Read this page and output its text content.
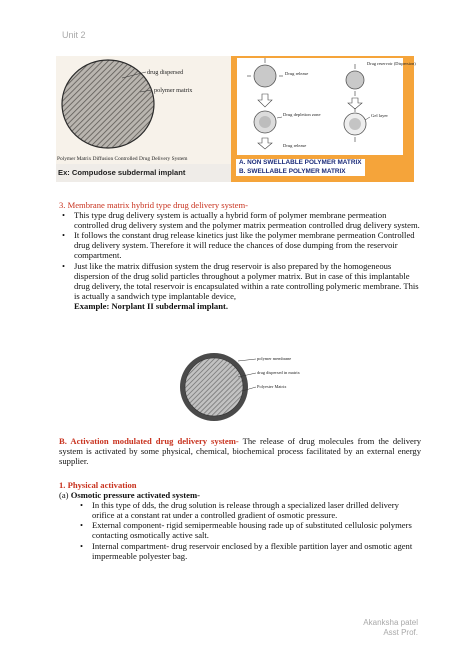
Unit 2
drug dispersed
polymer matrix
Polymer Matrix Diffusion Controlled Drug Delivery System
Ex: Compudose subdermal implant
Drug release
Drug depletion zone
Drug release
Drug reservoir (Dispersion)
Gel layer
A. NON SWELLABLE POLYMER MATRIX
B. SWELLABLE POLYMER MATRIX
3. Membrane matrix hybrid type drug delivery system-
• This type drug delivery system is actually a hybrid form of polymer membrane permeation controlled drug delivery system and the polymer matrix permeation controlled drug delivery system.
• It follows the constant drug release kinetics just like the polymer membrane permeation Controlled drug delivery system. Therefore it will reduce the chances of dose dumping from the reservoir compartment.
• Just like the matrix diffusion system the drug reservoir is also prepared by the homogeneous dispersion of the drug solid particles throughout a polymer matrix. But in case of this implantable drug delivery, the total reservoir is encapsulated within a rate controlling polymeric membrane. This is actually a sandwich type implantable device,
Example: Norplant II subdermal implant.
polymer membrane
drug dispersed in matrix
Polyester Matrix
B. Activation modulated drug delivery system- The release of drug molecules from the delivery system is activated by some physical, chemical, biochemical process facilitated by an external energy supplier.
1. Physical activation
(a) Osmotic pressure activated system-
• In this type of dds, the drug solution is release through a specialized laser drilled delivery orifice at a constant rat under a controlled gradient of osmotic pressure.
• External component- rigid semipermeable housing rade up of substituted cellulosic polymers contacting osmotically active salt.
• Internal compartment- drug reservoir enclosed by a flexible partition layer and osmotic agent impermeable polyester bag.
Akanksha patel
Asst Prof.
